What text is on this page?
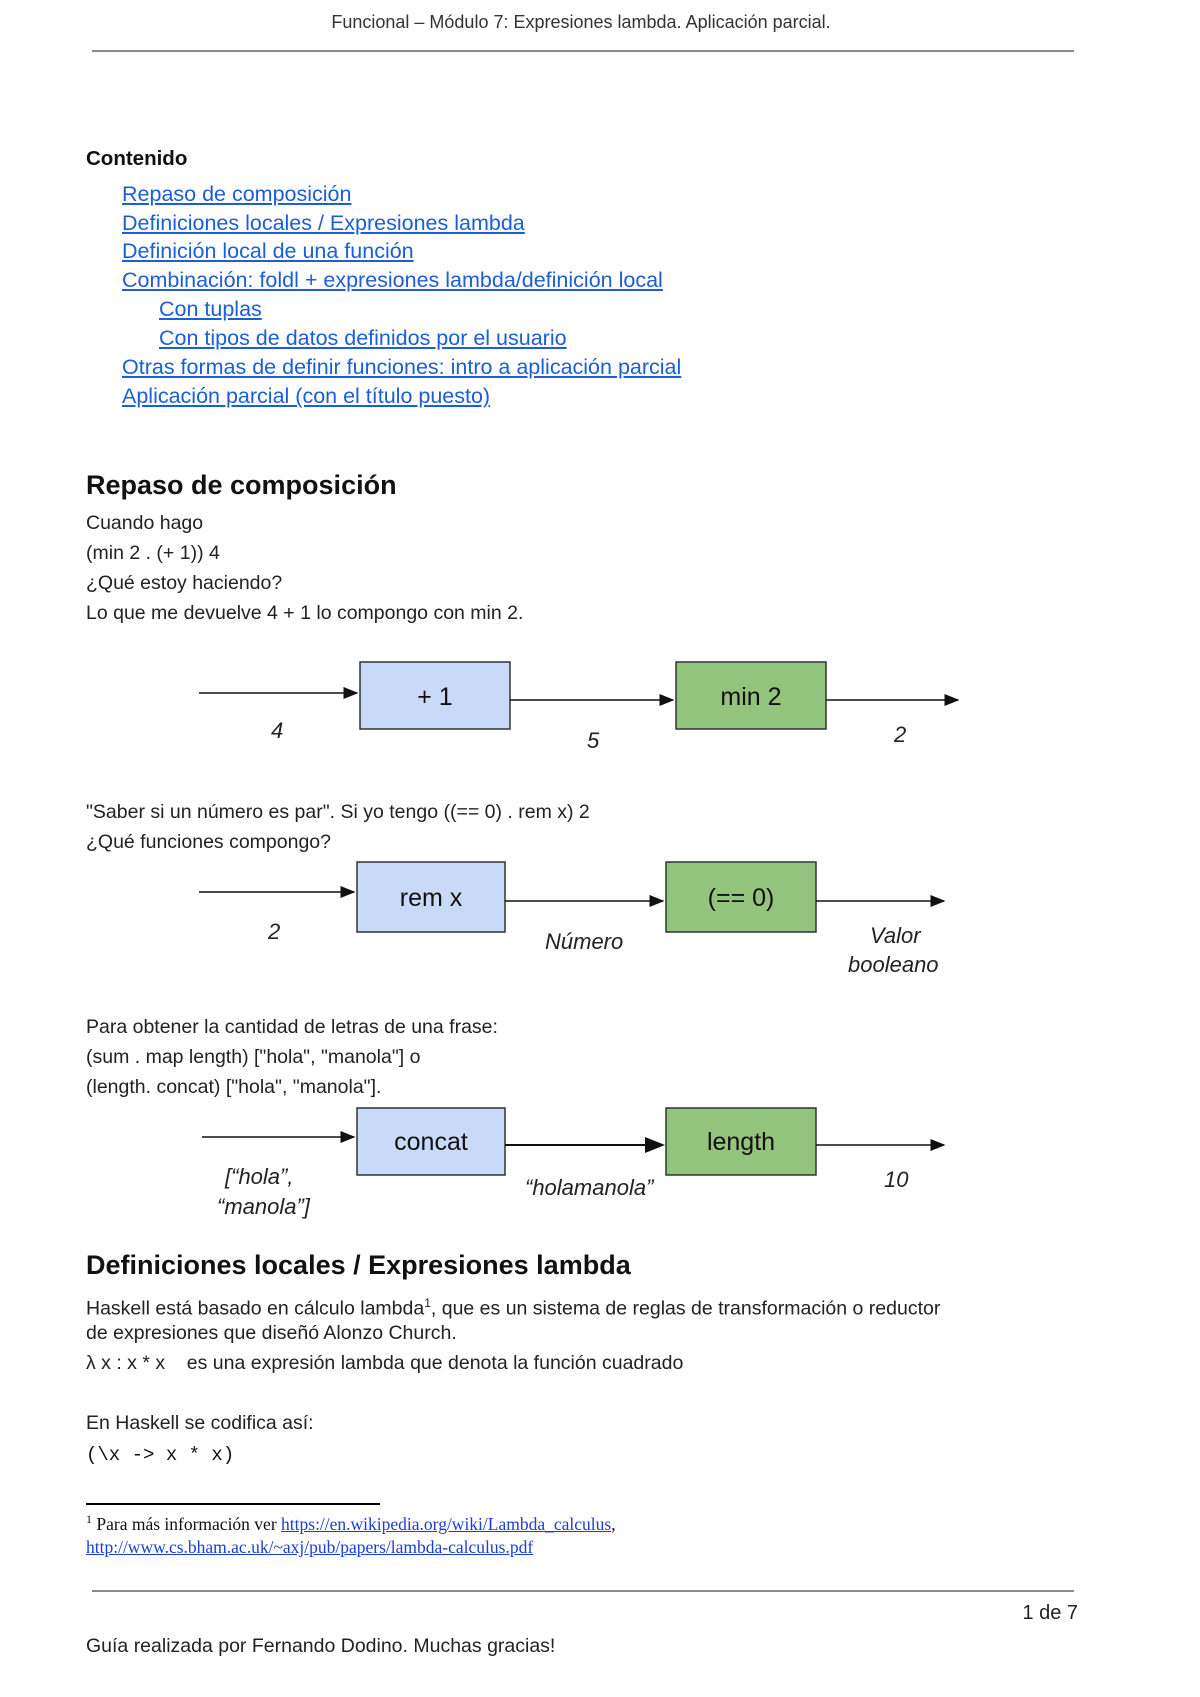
Funcional – Módulo 7: Expresiones lambda. Aplicación parcial.
Contenido
Repaso de composición
Definiciones locales / Expresiones lambda
Definición local de una función
Combinación: foldl + expresiones lambda/definición local
Con tuplas
Con tipos de datos definidos por el usuario
Otras formas de definir funciones: intro a aplicación parcial
Aplicación parcial (con el título puesto)
Repaso de composición
Cuando hago
(min 2 . (+ 1)) 4
¿Qué estoy haciendo?
Lo que me devuelve 4 + 1 lo compongo con min 2.
+ 1	min 2
4	5	2
"Saber si un número es par". Si yo tengo ((== 0) . rem x) 2
¿Qué funciones compongo?
rem x	(== 0)
2	Número	Valor
booleano
Para obtener la cantidad de letras de una frase:
(sum . map length) ["hola", "manola"] o
(length. concat) ["hola", "manola"].
concat	length
[“hola”,
“manola”]
“holamanola”	10
Definiciones locales / Expresiones lambda
Haskell está basado en cálculo lambda$^1$, que es un sistema de reglas de transformación o reductor
de expresiones que diseñó Alonzo Church.
λ x : x * x    es una expresión lambda que denota la función cuadrado
En Haskell se codifica así:
(\x -> x * x)
$^1$ Para más información ver https://en.wikipedia.org/wiki/Lambda_calculus,
http://www.cs.bham.ac.uk/~axj/pub/papers/lambda-calculus.pdf
1 de 7
Guía realizada por Fernando Dodino. Muchas gracias!
